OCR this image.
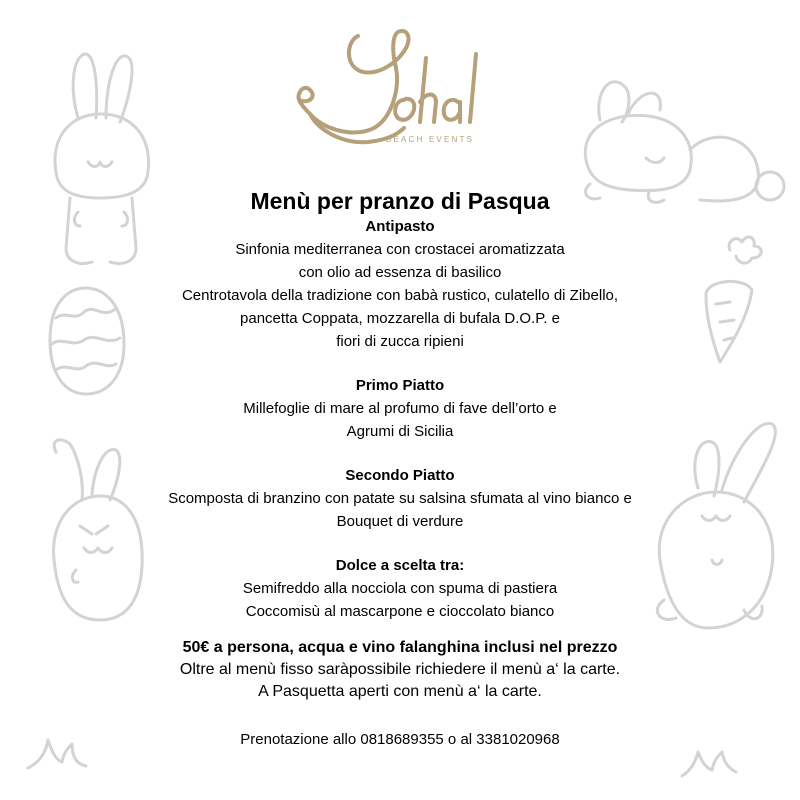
BEACH EVENTS
Menù per pranzo di Pasqua
Antipasto
Sinfonia mediterranea con crostacei aromatizzata
con olio ad essenza di basilico
Centrotavola della tradizione con babà rustico, culatello di Zibello,
pancetta Coppata, mozzarella di bufala D.O.P. e
fiori di zucca ripieni
Primo Piatto
Millefoglie di mare al profumo di fave dell’orto e
Agrumi di Sicilia
Secondo Piatto
Scomposta di branzino con patate su salsina sfumata al vino bianco e
Bouquet di verdure
Dolce a scelta tra:
Semifreddo alla nocciola con spuma di pastiera
Coccomisù al mascarpone e cioccolato bianco
50€ a persona, acqua e vino falanghina inclusi nel prezzo
Oltre al menù fisso saràpossibile richiedere il menù a‘ la carte.
A Pasquetta aperti con menù a‘ la carte.
Prenotazione allo 0818689355 o al 3381020968
